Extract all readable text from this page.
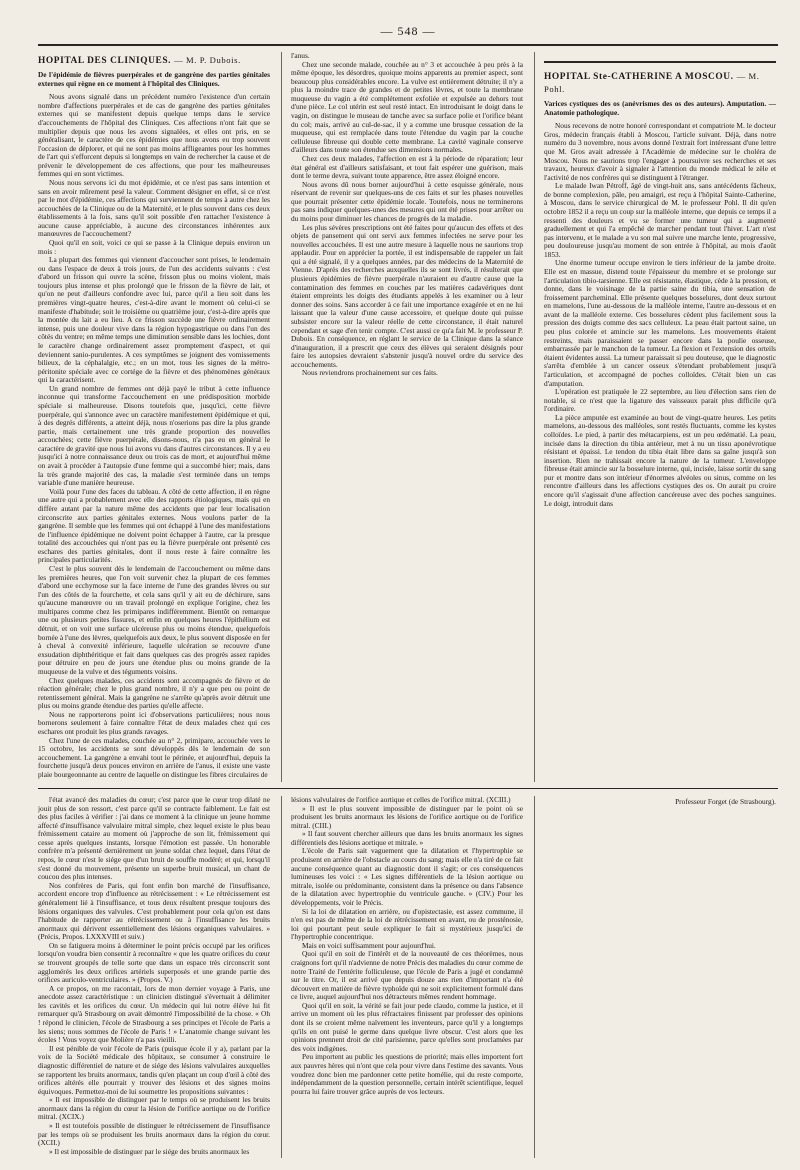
— 548 —
HOPITAL DES CLINIQUES. — M. P. Dubois.
De l'épidémie de fièvres puerpérales et de gangrène des parties génitales externes qui règne en ce moment à l'hôpital des Cliniques.

Nous avons signalé dans un précédent numéro l'existence d'un certain nombre d'affections puerpérales et de cas de gangrène des parties génitales externes qui se manifestent depuis quelque temps dans le service d'accouchements de l'hôpital des Cliniques. Ces affections n'ont fait que se multiplier depuis que nous les avons signalées, et elles ont pris, en se généralisant, le caractère de ces épidémies que nous avons eu trop souvent l'occasion de déplorer, et qui ne sont pas moins affligeantes pour les hommes de l'art qui s'efforcent depuis si longtemps en vain de rechercher la cause et de prévenir le développement de ces affections, que pour les malheureuses femmes qui en sont victimes.

Nous nous servons ici du mot épidémie, et ce n'est pas sans intention et sans en avoir mûrement pesé la valeur. Comment désigner en effet, si ce n'est par le mot d'épidémie, ces affections qui surviennent de temps à autre chez les accouchées de la Clinique ou de la Maternité, et le plus souvent dans ces deux établissements à la fois, sans qu'il soit possible d'en rattacher l'existence à aucune cause appréciable, à aucune des circonstances inhérentes aux manœuvres de l'accouchement?

Quoi qu'il en soit, voici ce qui se passe à la Clinique depuis environ un mois :

La plupart des femmes qui viennent d'accoucher sont prises, le lendemain ou dans l'espace de deux à trois jours, de l'un des accidents suivants : c'est d'abord un frisson qui ouvre la scène, frisson plus ou moins violent, mais toujours plus intense et plus prolongé que le frisson de la fièvre de lait, et qu'on ne peut d'ailleurs confondre avec lui, parce qu'il a lieu soit dans les premières vingt-quatre heures, c'est-à-dire avant le moment où celui-ci se manifeste d'habitude; soit le troisième ou quatrième jour, c'est-à-dire après que la montée du lait a eu lieu. A ce frisson succède une fièvre ordinairement intense, puis une douleur vive dans la région hypogastrique ou dans l'un des côtés du ventre; en même temps une diminution sensible dans les lochies, dont le caractère change ordinairement assez promptement d'aspect, et qui deviennent sanio-purulentes. A ces symptômes se joignent des vomissements bilieux, de la céphalalgie, etc.; en un mot, tous les signes de la métro-péritonite spéciale avec ce cortége de la fièvre et des phénomènes généraux qui la caractérisent.

Un grand nombre de femmes ont déjà payé le tribut à cette influence inconnue qui transforme l'accouchement en une prédisposition morbide spéciale si malheureuse. Disons toutefois que, jusqu'ici, cette fièvre puerpérale, qui s'annonce avec un caractère manifestement épidémique et qui, à des degrés différents, a atteint déjà, nous n'oserions pas dire la plus grande partie, mais certainement une très grande proportion des nouvelles accouchées; cette fièvre puerpérale, disons-nous, n'a pas eu en général le caractère de gravité que nous lui avons vu dans d'autres circonstances. Il y a eu jusqu'ici à notre connaissance deux ou trois cas de mort, et aujourd'hui même on avait à procéder à l'autopsie d'une femme qui a succombé hier; mais, dans la très grande majorité des cas, la maladie s'est terminée dans un temps variable d'une manière heureuse.

Voilà pour l'une des faces du tableau. A côté de cette affection, il en règne une autre qui a probablement avec elle des rapports étiologiques, mais qui en diffère autant par la nature même des accidents que par leur localisation circonscrite aux parties génitales externes. Nous voulons parler de la gangrène. Il semble que les femmes qui ont échappé à l'une des manifestations de l'influence épidémique ne doivent point échapper à l'autre, car la presque totalité des accouchées qui n'ont pas eu la fièvre puerpérale ont présenté ces eschares des parties génitales, dont il nous reste à faire connaître les principales particularités.

C'est le plus souvent dès le lendemain de l'accouchement ou même dans les premières heures, que l'on voit survenir chez la plupart de ces femmes d'abord une ecchymose sur la face interne de l'une des grandes lèvres ou sur l'un des côtés de la fourchette, et cela sans qu'il y ait eu de déchirure, sans qu'aucune manœuvre ou un travail prolongé en explique l'origine, chez les multipares comme chez les primipares indifféremment. Bientôt on remarque une ou plusieurs petites fissures, et enfin en quelques heures l'épithélium est détruit, et on voit une surface ulcéreuse plus ou moins étendue, quelquefois bornée à l'une des lèvres, quelquefois aux deux, le plus souvent disposée en fer à cheval à convexité inférieure, laquelle ulcération se recouvre d'une exsudation diphthéritique et fait dans quelques cas des progrès assez rapides pour détruire en peu de jours une étendue plus ou moins grande de la muqueuse de la vulve et des téguments voisins.

Chez quelques malades, ces accidents sont accompagnés de fièvre et de réaction générale; chez le plus grand nombre, il n'y a que peu ou point de retentissement général. Mais la gangrène ne s'arrête qu'après avoir détruit une plus ou moins grande étendue des parties qu'elle affecte.

Nous ne rapporterons point ici d'observations particulières; nous nous bornerons seulement à faire connaître l'état de deux malades chez qui ces eschares ont produit les plus grands ravages.

Chez l'une de ces malades, couchée au n° 2, primipare, accouchée vers le 15 octobre, les accidents se sont développés dès le lendemain de son accouchement. La gangrène a envahi tout le périnée, et aujourd'hui, depuis la fourchette jusqu'à deux pouces environ en arrière de l'anus, il existe une vaste plaie bourgeonnante au centre de laquelle on distingue les fibres circulaires de

l'anus.

Chez une seconde malade, couchée au n° 3 et accouchée à peu près à la même époque, les désordres, quoique moins apparents au premier aspect, sont beaucoup plus considérables encore. La vulve est entièrement détruite; il n'y a plus la moindre trace de grandes et de petites lèvres, et toute la membrane muqueuse du vagin a été complétement exfoliée et expulsée au dehors tout d'une pièce. Le col utérin est seul resté intact. En introduisant le doigt dans le vagin, on distingue le museau de tanche avec sa surface polie et l'orifice béant du col; mais, arrivé au cul-de-sac, il y a comme une brusque cessation de la muqueuse, qui est remplacée dans toute l'étendue du vagin par la couche celluleuse fibreuse qui double cette membrane. La cavité vaginale conserve d'ailleurs dans toute son étendue ses dimensions normales.

Chez ces deux malades, l'affection en est à la période de réparation; leur état général est d'ailleurs satisfaisant, et tout fait espérer une guérison, mais dont le terme devra, suivant toute apparence, être assez éloigné encore.

Nous avons dû nous borner aujourd'hui à cette esquisse générale, nous réservant de revenir sur quelques-uns de ces faits et sur les phases nouvelles que pourrait présenter cette épidémie locale. Toutefois, nous ne terminerons pas sans indiquer quelques-unes des mesures qui ont été prises pour arrêter ou du moins pour diminuer les chances de progrès de la maladie.

Les plus sévères prescriptions ont été faites pour qu'aucun des effets et des objets de pansement qui ont servi aux femmes infectées ne serve pour les nouvelles accouchées. Il est une autre mesure à laquelle nous ne saurions trop applaudir. Pour en apprécier la portée, il est indispensable de rappeler un fait qui a été signalé, il y a quelques années, par des médecins de la Maternité de Vienne. D'après des recherches auxquelles ils se sont livrés, il résulterait que plusieurs épidémies de fièvre puerpérale n'auraient eu d'autre cause que la contamination des femmes en couches par les matières cadavériques dont étaient empreints les doigts des étudiants appelés à les examiner ou à leur donner des soins. Sans accorder à ce fait une importance exagérée et en ne lui laissant que la valeur d'une cause accessoire, et quelque doute qui puisse subsister encore sur la valeur réelle de cette circonstance, il était naturel cependant et sage d'en tenir compte. C'est aussi ce qu'a fait M. le professeur P. Dubois. En conséquence, en réglant le service de la Clinique dans la séance d'inauguration, il a prescrit que ceux des élèves qui seraient désignés pour faire les autopsies devraient s'abstenir jusqu'à nouvel ordre du service des accouchements.

Nous reviendrons prochainement sur ces faits.

HOPITAL Ste-CATHERINE A MOSCOU. — M. Pohl.
Varices cystiques des os (anévrismes des os des auteurs). Amputation. — Anatomie pathologique.

Nous recevons de notre honoré correspondant et compatriote M. le docteur Gros, médecin français établi à Moscou, l'article suivant. Déjà, dans notre numéro du 3 novembre, nous avons donné l'extrait fort intéressant d'une lettre que M. Gros avait adressée à l'Académie de médecine sur le choléra de Moscou. Nous ne saurions trop l'engager à poursuivre ses recherches et ses travaux, heureux d'avoir à signaler à l'attention du monde médical le zèle et l'activité de nos confrères qui se distinguent à l'étranger.

Le malade Iwan Pétroff, âgé de vingt-huit ans, sans antécédents fâcheux, de bonne complexion, pâle, peu amaigri, est reçu à l'hôpital Sainte-Catherine, à Moscou, dans le service chirurgical de M. le professeur Pohl. Il dit qu'en octobre 1852 il a reçu un coup sur la malléole interne, que depuis ce temps il a ressenti des douleurs et vu se former une tumeur qui a augmenté graduellement et qui l'a empêché de marcher pendant tout l'hiver. L'art n'est pas intervenu, et le malade a vu son mal suivre une marche lente, progressive, peu douloureuse jusqu'au moment de son entrée à l'hôpital, au mois d'août 1853.

Une énorme tumeur occupe environ le tiers inférieur de la jambe droite. Elle est en massue, distend toute l'épaisseur du membre et se prolonge sur l'articulation tibio-tarsienne. Elle est résistante, élastique, cède à la pression, et donne, dans le voisinage de la partie saine du tibia, une sensation de froissement parcheminal. Elle présente quelques bosselures, dont deux surtout en mamelons, l'une au-dessous de la malléole interne, l'autre au-dessous et en avant de la malléole externe. Ces bosselures cèdent plus facilement sous la pression des doigts comme des sacs celluleux. La peau était partout saine, un peu plus colorée et amincie sur les mamelons. Les mouvements étaient restreints, mais paraissaient se passer encore dans la poulie osseuse, embarrassée par le manchon de la tumeur. La flexion et l'extension des orteils étaient évidentes aussi. La tumeur paraissait si peu douteuse, que le diagnostic s'arrêta d'emblée à un cancer osseux s'étendant probablement jusqu'à l'articulation, et accompagné de poches colloïdes. C'était bien un cas d'amputation.

L'opération est pratiquée le 22 septembre, au lieu d'élection sans rien de notable, si ce n'est que la ligature des vaisseaux parait plus difficile qu'à l'ordinaire.

La pièce amputée est examinée au bout de vingt-quatre heures. Les petits mamelons, au-dessous des malléoles, sont restés fluctuants, comme les kystes colloïdes. Le pied, à partir des métacarpiens, est un peu œdématié. La peau, incisée dans la direction du tibia antérieur, met à nu un tissu aponévrotique résistant et épaissi. Le tendon du tibia était libre dans sa gaîne jusqu'à son insertion. Rien ne trahissait encore la nature de la tumeur. L'enveloppe fibreuse était amincie sur la bosselure interne, qui, incisée, laisse sortir du sang pur et montre dans son intérieur d'énormes alvéoles ou sinus, comme on les rencontre d'ailleurs dans les affections cystiques des os. On aurait pu croire encore qu'il s'agissait d'une affection cancéreuse avec des poches sanguines. Le doigt, introduit dans

l'état avancé des maladies du cœur; c'est parce que le cœur trop dilaté ne jouit plus de son ressort, c'est parce qu'il se contracte faiblement. Le fait est des plus faciles à vérifier : j'ai dans ce moment à la clinique un jeune homme affecté d'insuffisance valvulaire mitral simple, chez lequel existe le plus beau frémissement cataire au moment où j'approche de son lit, frémissement qui cesse après quelques instants, lorsque l'émotion est passée. Un honorable confrère m'a présenté dernièrement un jeune soldat chez lequel, dans l'état de repos, le cœur n'est le siége que d'un bruit de souffle modéré; et qui, lorsqu'il s'est donné du mouvement, présente un superbe bruit musical, un chant de coucou des plus intenses.

Nos confrères de Paris, qui font enfin bon marché de l'insuffisance, accordent encore trop d'influence au rétrécissement : « Le rétrécissement est généralement lié à l'insuffisance, et tous deux résultent presque toujours des lésions organiques des valvules. C'est probablement pour cela qu'on est dans l'habitude de rapporter au rétrécissement ou à l'insuffisance les bruits anormaux qui dérivent essentiellement des lésions organiques valvulaires. » (Précis, Propos. LXXXVIII et suiv.)

On se fatiguera moins à déterminer le point précis occupé par les orifices lorsqu'on voudra bien consentir à reconnaître « que les quatre orifices du cœur se trouvent groupés de telle sorte que dans un espace très circonscrit sont agglomérés les deux orifices artériels superposés et une grande partie des orifices auriculo-ventriculaires. » (Propos. V.)

A ce propos, on me racontait, lors de mon dernier voyage à Paris, une anecdote assez caractéristique : un clinicien distingué s'évertuait à délimiter les cavités et les orifices du cœur. Un médecin qui lui notre élève lui fit remarquer qu'à Strasbourg on avait démontré l'impossibilité de la chose. « Oh ! répond le clinicien, l'école de Strasbourg a ses principes et l'école de Paris a les siens; nous sommes de l'école de Paris ! » L'anatomie change suivant les écoles ! Vous voyez que Molière n'a pas vieilli.

Il est pénible de voir l'école de Paris (puisque école il y a), parlant par la voix de la Société médicale des hôpitaux, se consumer à construire le diagnostic différentiel de nature et de siége des lésions valvulaires auxquelles se rapportent les bruits anormaux, tandis qu'en plaçant un coup d'œil à côté des orifices altérés elle pourrait y trouver des lésions et des signes moins équivoques. Permettez-moi de lui soumettre les propositions suivantes :

« Il est impossible de distinguer par le temps où se produisent les bruits anormaux dans la région du cœur la lésion de l'orifice aortique ou de l'orifice mitral. (XCIX.)

» Il est toutefois possible de distinguer le rétrécissement de l'insuffisance par les temps où se produisent les bruits anormaux dans la région du cœur. (XCII.)

» Il est impossible de distinguer par le siége des bruits anormaux les

lésions valvulaires de l'orifice aortique et celles de l'orifice mitral. (XCIII.)

» Il est le plus souvent impossible de distinguer par le point où se produisent les bruits anormaux les lésions de l'orifice aortique ou de l'orifice mitral. (CIII.)

» Il faut souvent chercher ailleurs que dans les bruits anormaux les signes différentiels des lésions aortique et mitrale. »

L'école de Paris sait vaguement que la dilatation et l'hypertrophie se produisent en arrière de l'obstacle au cours du sang; mais elle n'a tiré de ce fait aucune conséquence quant au diagnostic dont il s'agit; or ces conséquences lumineuses les voici : « Les signes différentiels de la lésion aortique ou mitrale, isolée ou prédominante, consistent dans la présence ou dans l'absence de la dilatation avec hypertrophie du ventricule gauche. » (CIV.) Pour les développements, voir le Précis.

Si la loi de dilatation en arrière, ou d'opistectasie, est assez commune, il n'en est pas de même de la loi de rétrécissement en avant, ou de prosténosie, loi qui pourtant peut seule expliquer le fait si mystérieux jusqu'ici de l'hypertrophie concentrique.

Mais en voici suffisamment pour aujourd'hui.

Quoi qu'il en soit de l'intérêt et de la nouveauté de ces théorèmes, nous craignons fort qu'il n'advienne de notre Précis des maladies du cœur comme de notre Traité de l'entérite folliculeuse, que l'école de Paris a jugé et condamné sur le titre. Or, il est arrivé que depuis douze ans rien d'important n'a été découvert en matière de fièvre typhoïde qui ne soit explicitement formulé dans ce livre, auquel aujourd'hui nos détracteurs mêmes rendent hommage.

Quoi qu'il en soit, la vérité se fait jour pede claudo, comme la justice, et il arrive un moment où les plus réfractaires finissent par professer des opinions dont ils se croient même naïvement les inventeurs, parce qu'il y a longtemps qu'ils en ont puisé le germe dans quelque livre obscur. C'est alors que les opinions prennent droit de cité parisienne, parce qu'elles sont proclamées par des voix indigènes.

Peu importent au public les questions de priorité; mais elles importent fort aux pauvres hères qui n'ont que cela pour vivre dans l'estime des savants. Vous voudrez donc bien me pardonner cette petite homélie, qui du reste comporte, indépendamment de la question personnelle, certain intérêt scientifique, lequel pourra lui faire trouver grâce auprès de vos lecteurs.

Professeur Forget (de Strasbourg).
